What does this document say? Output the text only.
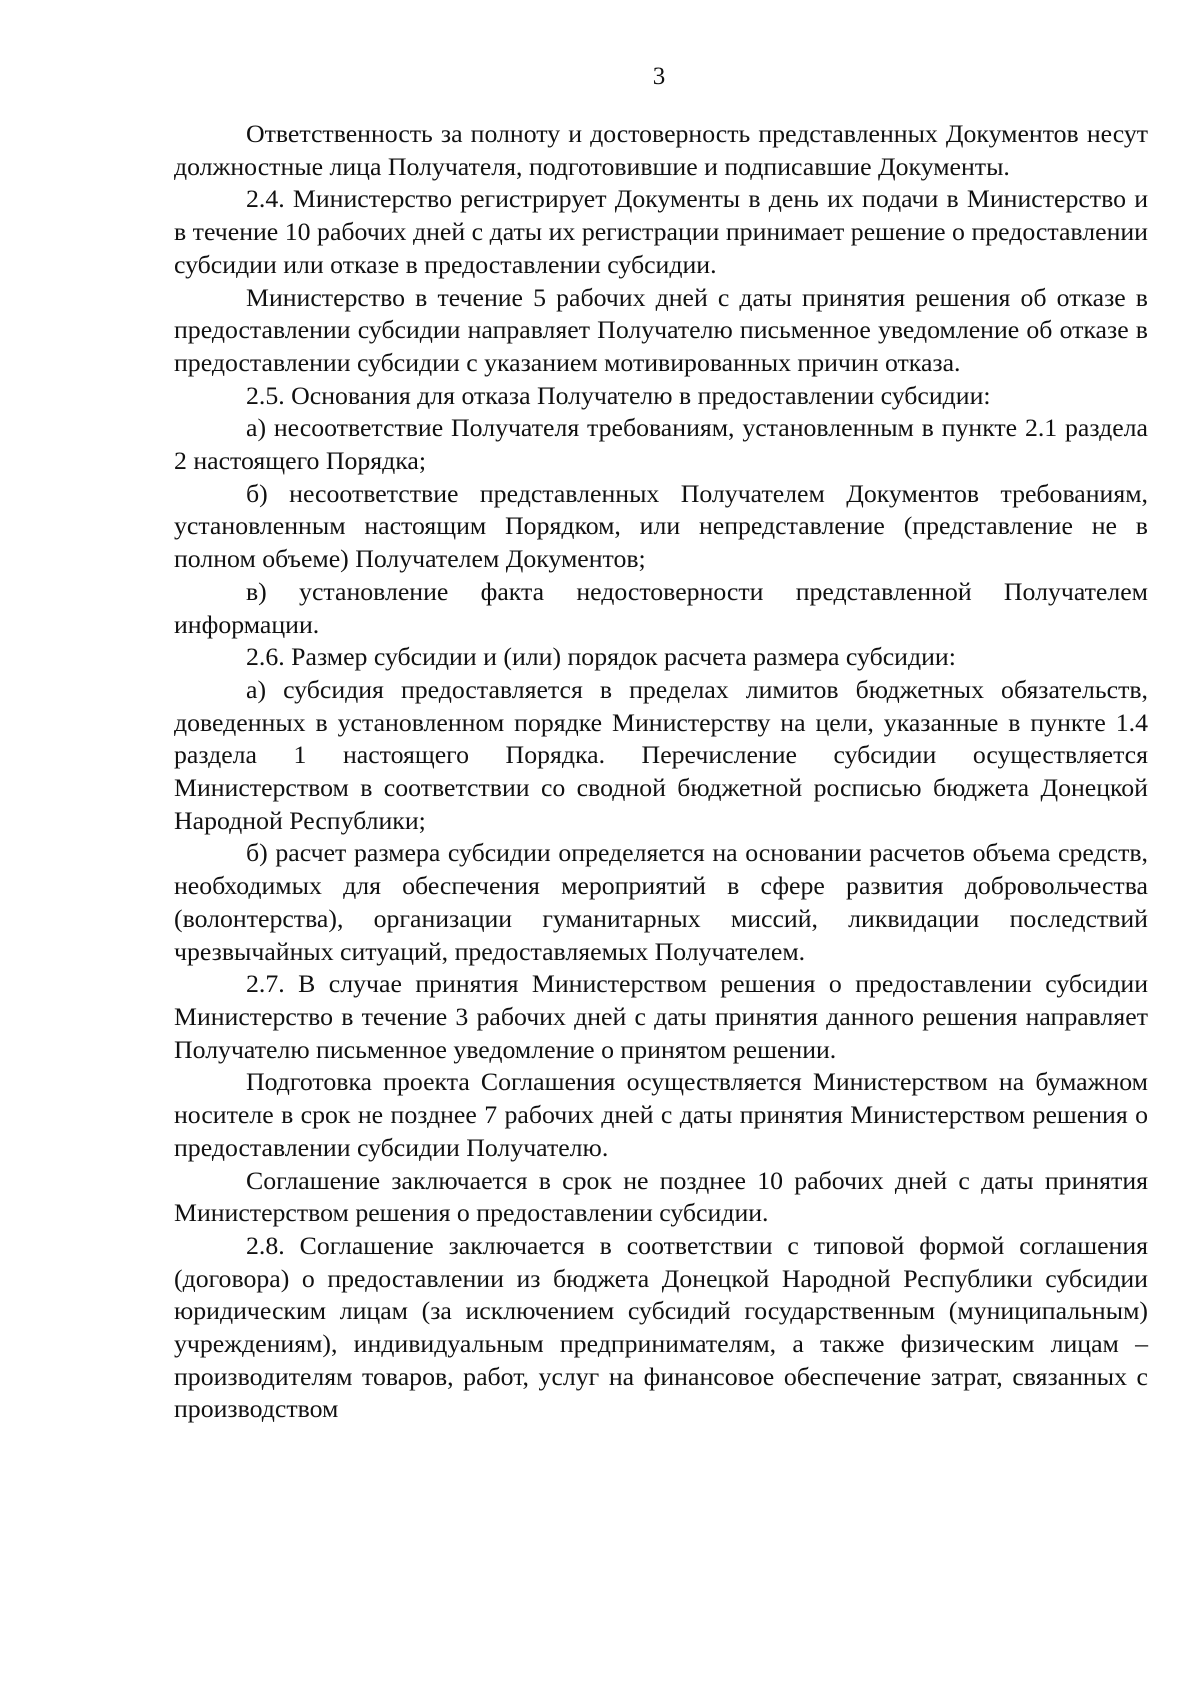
3

Ответственность за полноту и достоверность представленных Документов несут должностные лица Получателя, подготовившие и подписавшие Документы.

2.4. Министерство регистрирует Документы в день их подачи в Министерство и в течение 10 рабочих дней с даты их регистрации принимает решение о предоставлении субсидии или отказе в предоставлении субсидии.

Министерство в течение 5 рабочих дней с даты принятия решения об отказе в предоставлении субсидии направляет Получателю письменное уведомление об отказе в предоставлении субсидии с указанием мотивированных причин отказа.

2.5. Основания для отказа Получателю в предоставлении субсидии:

а) несоответствие Получателя требованиям, установленным в пункте 2.1 раздела 2 настоящего Порядка;

б) несоответствие представленных Получателем Документов требованиям, установленным настоящим Порядком, или непредставление (представление не в полном объеме) Получателем Документов;

в) установление факта недостоверности представленной Получателем информации.

2.6. Размер субсидии и (или) порядок расчета размера субсидии:

а) субсидия предоставляется в пределах лимитов бюджетных обязательств, доведенных в установленном порядке Министерству на цели, указанные в пункте 1.4 раздела 1 настоящего Порядка. Перечисление субсидии осуществляется Министерством в соответствии со сводной бюджетной росписью бюджета Донецкой Народной Республики;

б) расчет размера субсидии определяется на основании расчетов объема средств, необходимых для обеспечения мероприятий в сфере развития добровольчества (волонтерства), организации гуманитарных миссий, ликвидации последствий чрезвычайных ситуаций, предоставляемых Получателем.

2.7. В случае принятия Министерством решения о предоставлении субсидии Министерство в течение 3 рабочих дней с даты принятия данного решения направляет Получателю письменное уведомление о принятом решении.

Подготовка проекта Соглашения осуществляется Министерством на бумажном носителе в срок не позднее 7 рабочих дней с даты принятия Министерством решения о предоставлении субсидии Получателю.

Соглашение заключается в срок не позднее 10 рабочих дней с даты принятия Министерством решения о предоставлении субсидии.

2.8. Соглашение заключается в соответствии с типовой формой соглашения (договора) о предоставлении из бюджета Донецкой Народной Республики субсидии юридическим лицам (за исключением субсидий государственным (муниципальным) учреждениям), индивидуальным предпринимателям, а также физическим лицам – производителям товаров, работ, услуг на финансовое обеспечение затрат, связанных с производством
